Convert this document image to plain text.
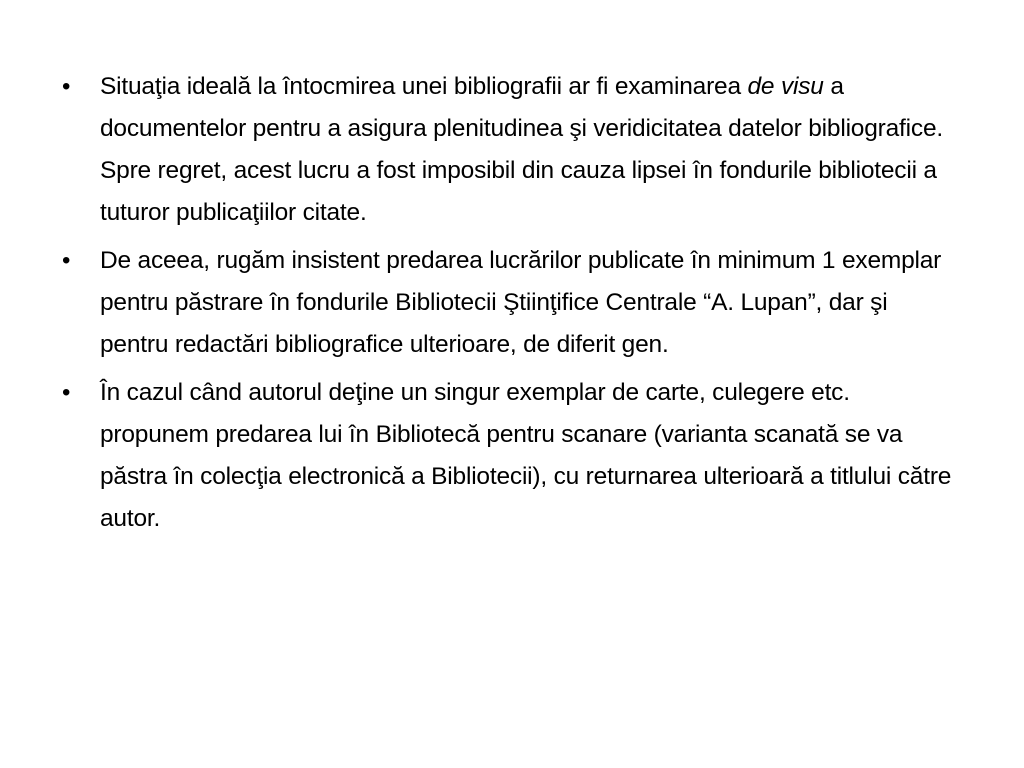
•	Situaţia ideală la întocmirea unei bibliografii ar fi examinarea de visu a documentelor pentru a asigura plenitudinea şi veridicitatea datelor bibliografice. Spre regret, acest lucru a fost imposibil din cauza lipsei în fondurile bibliotecii a tuturor publicaţiilor citate.
•	De aceea, rugăm insistent predarea lucrărilor publicate în minimum 1 exemplar pentru păstrare în fondurile Bibliotecii Ştiinţifice Centrale “A. Lupan”, dar şi pentru redactări bibliografice ulterioare, de diferit gen.
•	În cazul când autorul deţine un singur exemplar de carte, culegere etc. propunem predarea lui în Bibliotecă pentru scanare (varianta scanată se va păstra în colecţia electronică a Bibliotecii), cu returnarea ulterioară a titlului către autor.
